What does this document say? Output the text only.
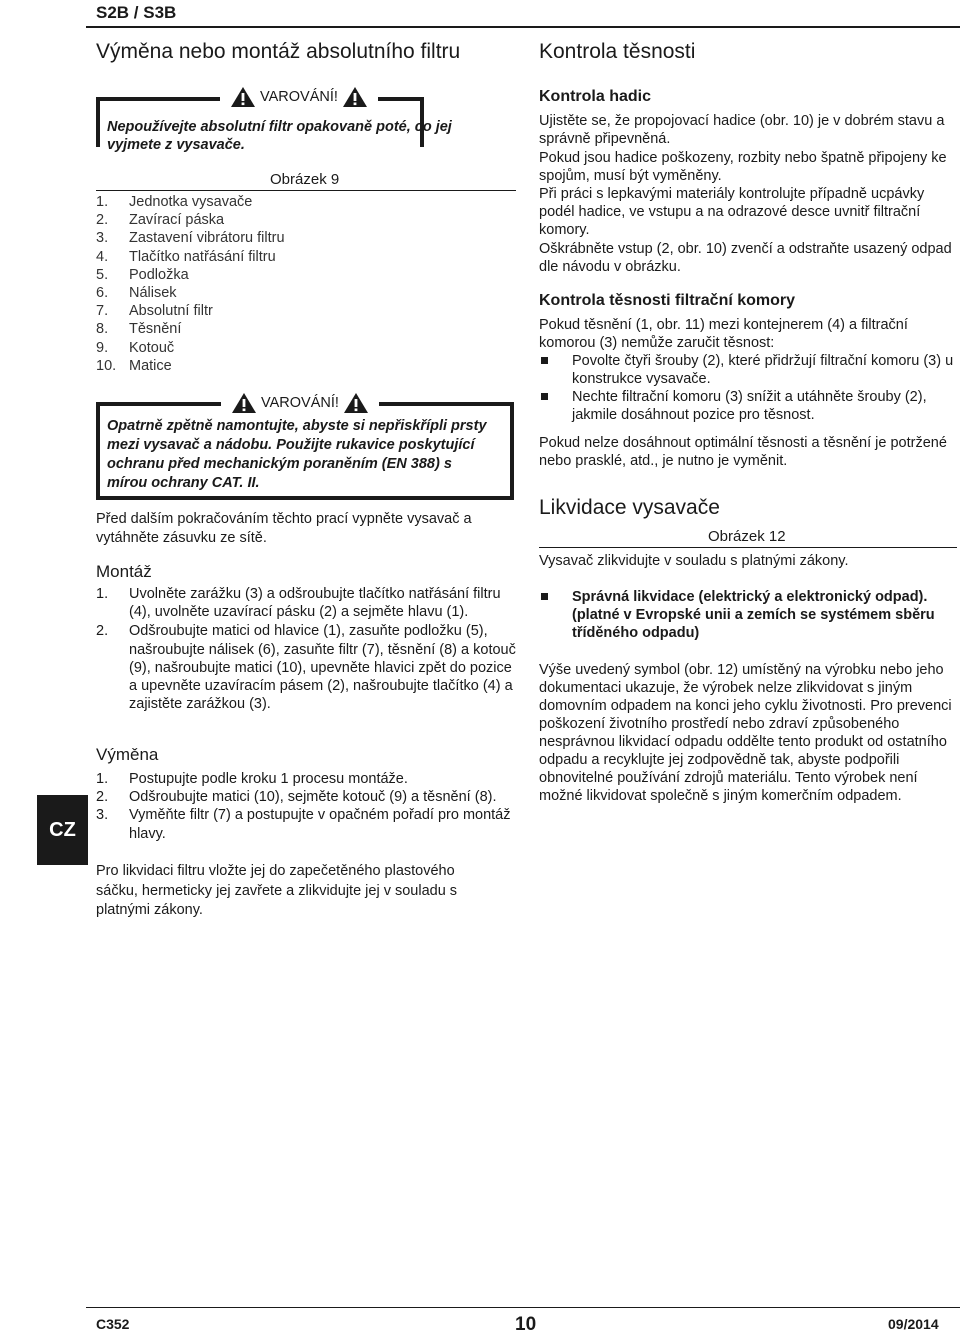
S2B / S3B
Výměna nebo montáž absolutního filtru
VAROVÁNÍ!
Nepoužívejte absolutní filtr opakovaně poté, co jej vyjmete z vysavače.
Obrázek 9
1. Jednotka vysavače
2. Zavírací páska
3. Zastavení vibrátoru filtru
4. Tlačítko natřásání filtru
5. Podložka
6. Nálisek
7. Absolutní filtr
8. Těsnění
9. Kotouč
10. Matice
VAROVÁNÍ!
Opatrně zpětně namontujte, abyste si nepřiskřípli prsty mezi vysavač a nádobu. Použijte rukavice poskytující ochranu před mechanickým poraněním (EN 388) s mírou ochrany CAT. II.
Před dalším pokračováním těchto prací vypněte vysavač a vytáhněte zásuvku ze sítě.
Montáž
1. Uvolněte zarážku (3) a odšroubujte tlačítko natřásání filtru (4), uvolněte uzavírací pásku (2) a sejměte hlavu (1).
2. Odšroubujte matici od hlavice (1), zasuňte podložku (5), našroubujte nálisek (6), zasuňte filtr (7), těsnění (8) a kotouč (9), našroubujte matici (10), upevněte hlavici zpět do pozice a upevněte uzavíracím pásem (2), našroubujte tlačítko (4) a zajistěte zarážkou (3).
Výměna
1. Postupujte podle kroku 1 procesu montáže.
2. Odšroubujte matici (10), sejměte kotouč (9) a těsnění (8).
3. Vyměňte filtr (7) a postupujte v opačném pořadí pro montáž hlavy.
Pro likvidaci filtru vložte jej do zapečetěného plastového sáčku, hermeticky jej zavřete a zlikvidujte jej v souladu s platnými zákony.
CZ
Kontrola těsnosti
Kontrola hadic
Ujistěte se, že propojovací hadice (obr. 10) je v dobrém stavu a správně připevněná.
Pokud jsou hadice poškozeny, rozbity nebo špatně připojeny ke spojům, musí být vyměněny.
Při práci s lepkavými materiály kontrolujte případně ucpávky podél hadice, ve vstupu a na odrazové desce uvnitř filtrační komory.
Oškrábněte vstup (2, obr. 10) zvenčí a odstraňte usazený odpad dle návodu v obrázku.
Kontrola těsnosti filtrační komory
Pokud těsnění (1, obr. 11) mezi kontejnerem (4) a filtrační komorou (3) nemůže zaručit těsnost:
Povolte čtyři šrouby (2), které přidržují filtrační komoru (3) u konstrukce vysavače.
Nechte filtrační komoru (3) snížit a utáhněte šrouby (2), jakmile dosáhnout pozice pro těsnost.
Pokud nelze dosáhnout optimální těsnosti a těsnění je potržené nebo prasklé, atd., je nutno je vyměnit.
Likvidace vysavače
Obrázek 12
Vysavač zlikvidujte v souladu s platnými zákony.
Správná likvidace (elektrický a elektronický odpad). (platné v Evropské unii a zemích se systémem sběru tříděného odpadu)
Výše uvedený symbol (obr. 12) umístěný na výrobku nebo jeho dokumentaci ukazuje, že výrobek nelze zlikvidovat s jiným domovním odpadem na konci jeho cyklu životnosti. Pro prevenci poškození životního prostředí nebo zdraví způsobeného nesprávnou likvidací odpadu oddělte tento produkt od ostatního odpadu a recyklujte jej zodpovědně tak, abyste podpořili obnovitelné používání zdrojů materiálu. Tento výrobek není možné likvidovat společně s jiným komerčním odpadem.
C352	10	09/2014
